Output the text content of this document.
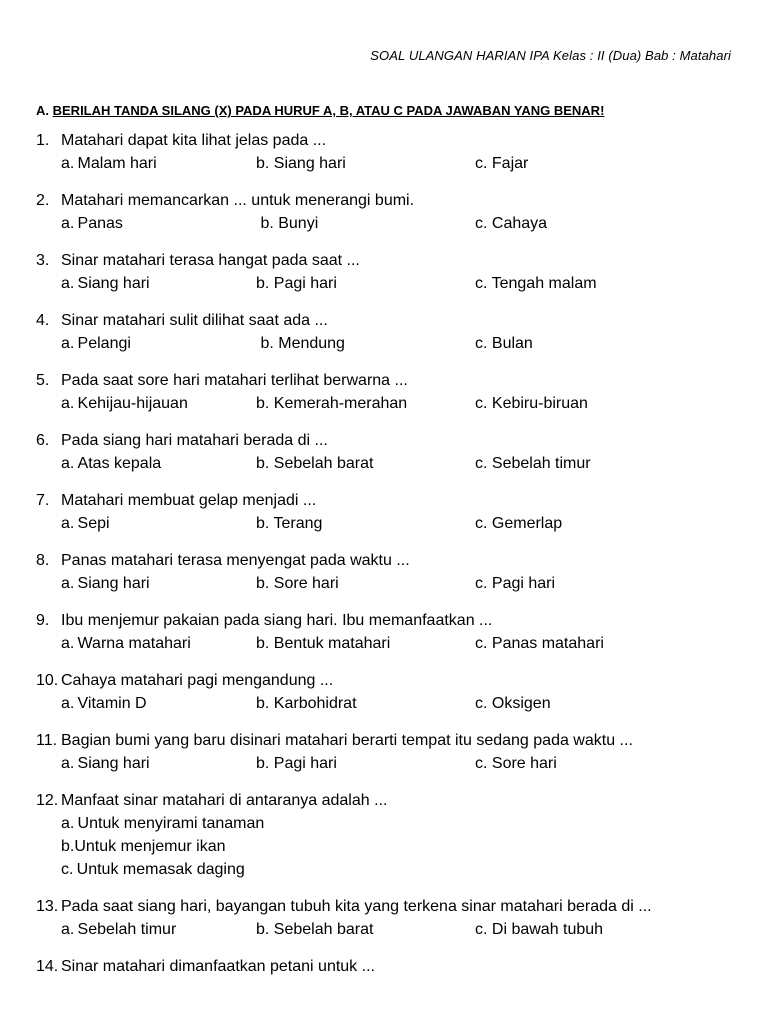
SOAL ULANGAN HARIAN IPA Kelas : II (Dua) Bab : Matahari
A. BERILAH TANDA SILANG (X) PADA HURUF A, B, ATAU C PADA JAWABAN YANG BENAR!
1. Matahari dapat kita lihat jelas pada ...
a. Malam hari	b. Siang hari	c. Fajar
2. Matahari memancarkan ... untuk menerangi bumi.
a. Panas	b. Bunyi	c. Cahaya
3. Sinar matahari terasa hangat pada saat ...
a. Siang hari	b. Pagi hari	c. Tengah malam
4. Sinar matahari sulit dilihat saat ada ...
a. Pelangi	b. Mendung	c. Bulan
5. Pada saat sore hari matahari terlihat berwarna ...
a. Kehijau-hijauan	b. Kemerah-merahan	c. Kebiru-biruan
6. Pada siang hari matahari berada di ...
a. Atas kepala	b. Sebelah barat	c. Sebelah timur
7. Matahari membuat gelap menjadi ...
a. Sepi	b. Terang	c. Gemerlap
8. Panas matahari terasa menyengat pada waktu ...
a. Siang hari	b. Sore hari	c. Pagi hari
9. Ibu menjemur pakaian pada siang hari. Ibu memanfaatkan ...
a. Warna matahari	b. Bentuk matahari	c. Panas matahari
10. Cahaya matahari pagi mengandung ...
a. Vitamin D	b. Karbohidrat	c. Oksigen
11. Bagian bumi yang baru disinari matahari berarti tempat itu sedang pada waktu ...
a. Siang hari	b. Pagi hari	c. Sore hari
12. Manfaat sinar matahari di antaranya adalah ...
a. Untuk menyirami tanaman
b.Untuk menjemur ikan
c. Untuk memasak daging
13. Pada saat siang hari, bayangan tubuh kita yang terkena sinar matahari berada di ...
a. Sebelah timur	b. Sebelah barat	c. Di bawah tubuh
14. Sinar matahari dimanfaatkan petani untuk ...
